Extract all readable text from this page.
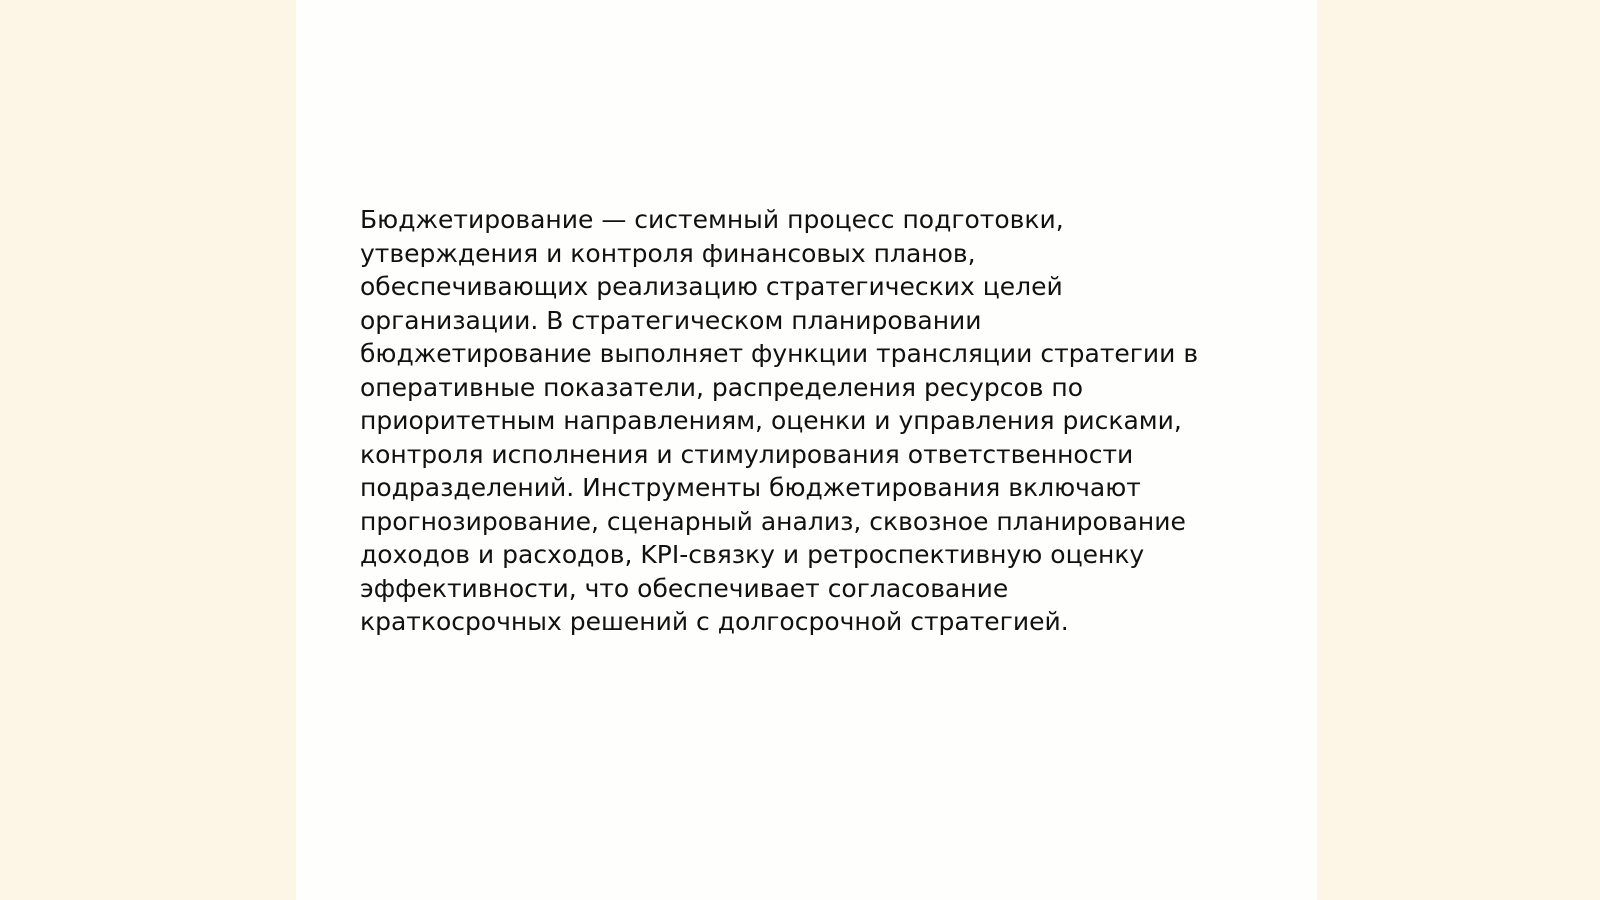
Бюджетирование — системный процесс подготовки,
утверждения и контроля финансовых планов,
обеспечивающих реализацию стратегических целей
организации. В стратегическом планировании
бюджетирование выполняет функции трансляции стратегии в
оперативные показатели, распределения ресурсов по
приоритетным направлениям, оценки и управления рисками,
контроля исполнения и стимулирования ответственности
подразделений. Инструменты бюджетирования включают
прогнозирование, сценарный анализ, сквозное планирование
доходов и расходов, KPI-связку и ретроспективную оценку
эффективности, что обеспечивает согласование
краткосрочных решений с долгосрочной стратегией.
